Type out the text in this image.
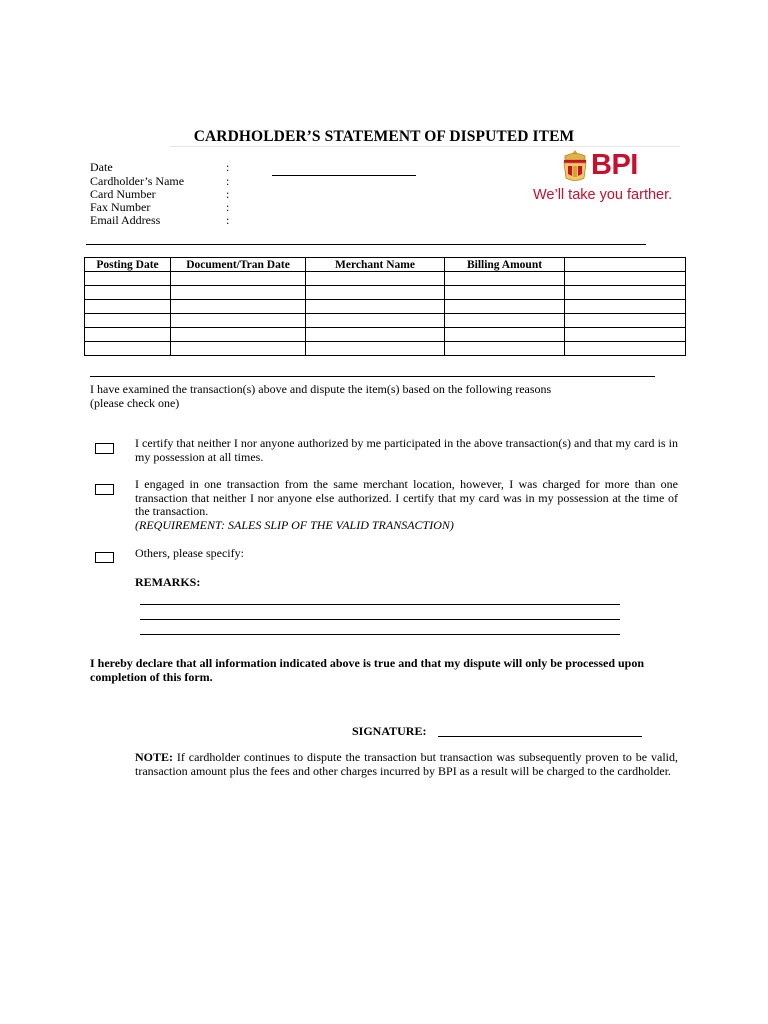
CARDHOLDER’S STATEMENT OF DISPUTED ITEM
Date	:
Cardholder’s Name	:
Card Number	:
Fax Number	:
Email Address	:
BPI
We’ll take you farther.
Posting Date	Document/Tran Date	Merchant Name	Billing Amount	

I have examined the transaction(s) above and dispute the item(s) based on the following reasons
(please check one)
I certify that neither I nor anyone authorized by me participated in the above transaction(s) and that my card is in my possession at all times.
I engaged in one transaction from the same merchant location, however, I was charged for more than one transaction that neither I nor anyone else authorized. I certify that my card was in my possession at the time of the transaction.
(REQUIREMENT: SALES SLIP OF THE VALID TRANSACTION)
Others, please specify:
REMARKS:
I hereby declare that all information indicated above is true and that my dispute will only be processed upon completion of this form.
SIGNATURE:
NOTE: If cardholder continues to dispute the transaction but transaction was subsequently proven to be valid, transaction amount plus the fees and other charges incurred by BPI as a result will be charged to the cardholder.
